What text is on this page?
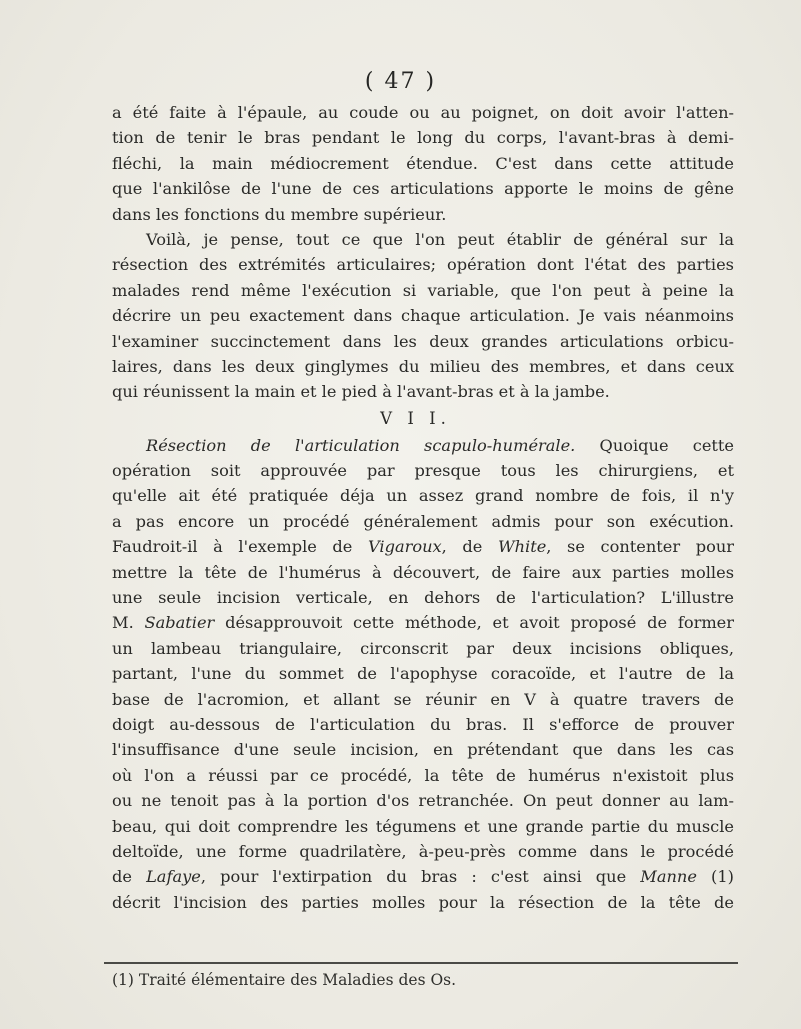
( 47 )
a été faite à l'épaule, au coude ou au poignet, on doit avoir l'atten-
tion de tenir le bras pendant le long du corps, l'avant-bras à demi-
fléchi, la main médiocrement étendue. C'est dans cette attitude
que l'ankilôse de l'une de ces articulations apporte le moins de gêne
dans les fonctions du membre supérieur.
Voilà, je pense, tout ce que l'on peut établir de général sur la
résection des extrémités articulaires; opération dont l'état des parties
malades rend même l'exécution si variable, que l'on peut à peine la
décrire un peu exactement dans chaque articulation. Je vais néanmoins
l'examiner succinctement dans les deux grandes articulations orbicu-
laires, dans les deux ginglymes du milieu des membres, et dans ceux
qui réunissent la main et le pied à l'avant-bras et à la jambe.
V I I.
Résection de l'articulation scapulo-humérale. Quoique cette
opération soit approuvée par presque tous les chirurgiens, et
qu'elle ait été pratiquée déja un assez grand nombre de fois, il n'y
a pas encore un procédé généralement admis pour son exécution.
Faudroit-il à l'exemple de Vigaroux, de White, se contenter pour
mettre la tête de l'humérus à découvert, de faire aux parties molles
une seule incision verticale, en dehors de l'articulation? L'illustre
M. Sabatier désapprouvoit cette méthode, et avoit proposé de former
un lambeau triangulaire, circonscrit par deux incisions obliques,
partant, l'une du sommet de l'apophyse coracoïde, et l'autre de la
base de l'acromion, et allant se réunir en V à quatre travers de
doigt au-dessous de l'articulation du bras. Il s'efforce de prouver
l'insuffisance d'une seule incision, en prétendant que dans les cas
où l'on a réussi par ce procédé, la tête de humérus n'existoit plus
ou ne tenoit pas à la portion d'os retranchée. On peut donner au lam-
beau, qui doit comprendre les tégumens et une grande partie du muscle
deltoïde, une forme quadrilatère, à-peu-près comme dans le procédé
de Lafaye, pour l'extirpation du bras : c'est ainsi que Manne (1)
décrit l'incision des parties molles pour la résection de la tête de
(1) Traité élémentaire des Maladies des Os.
